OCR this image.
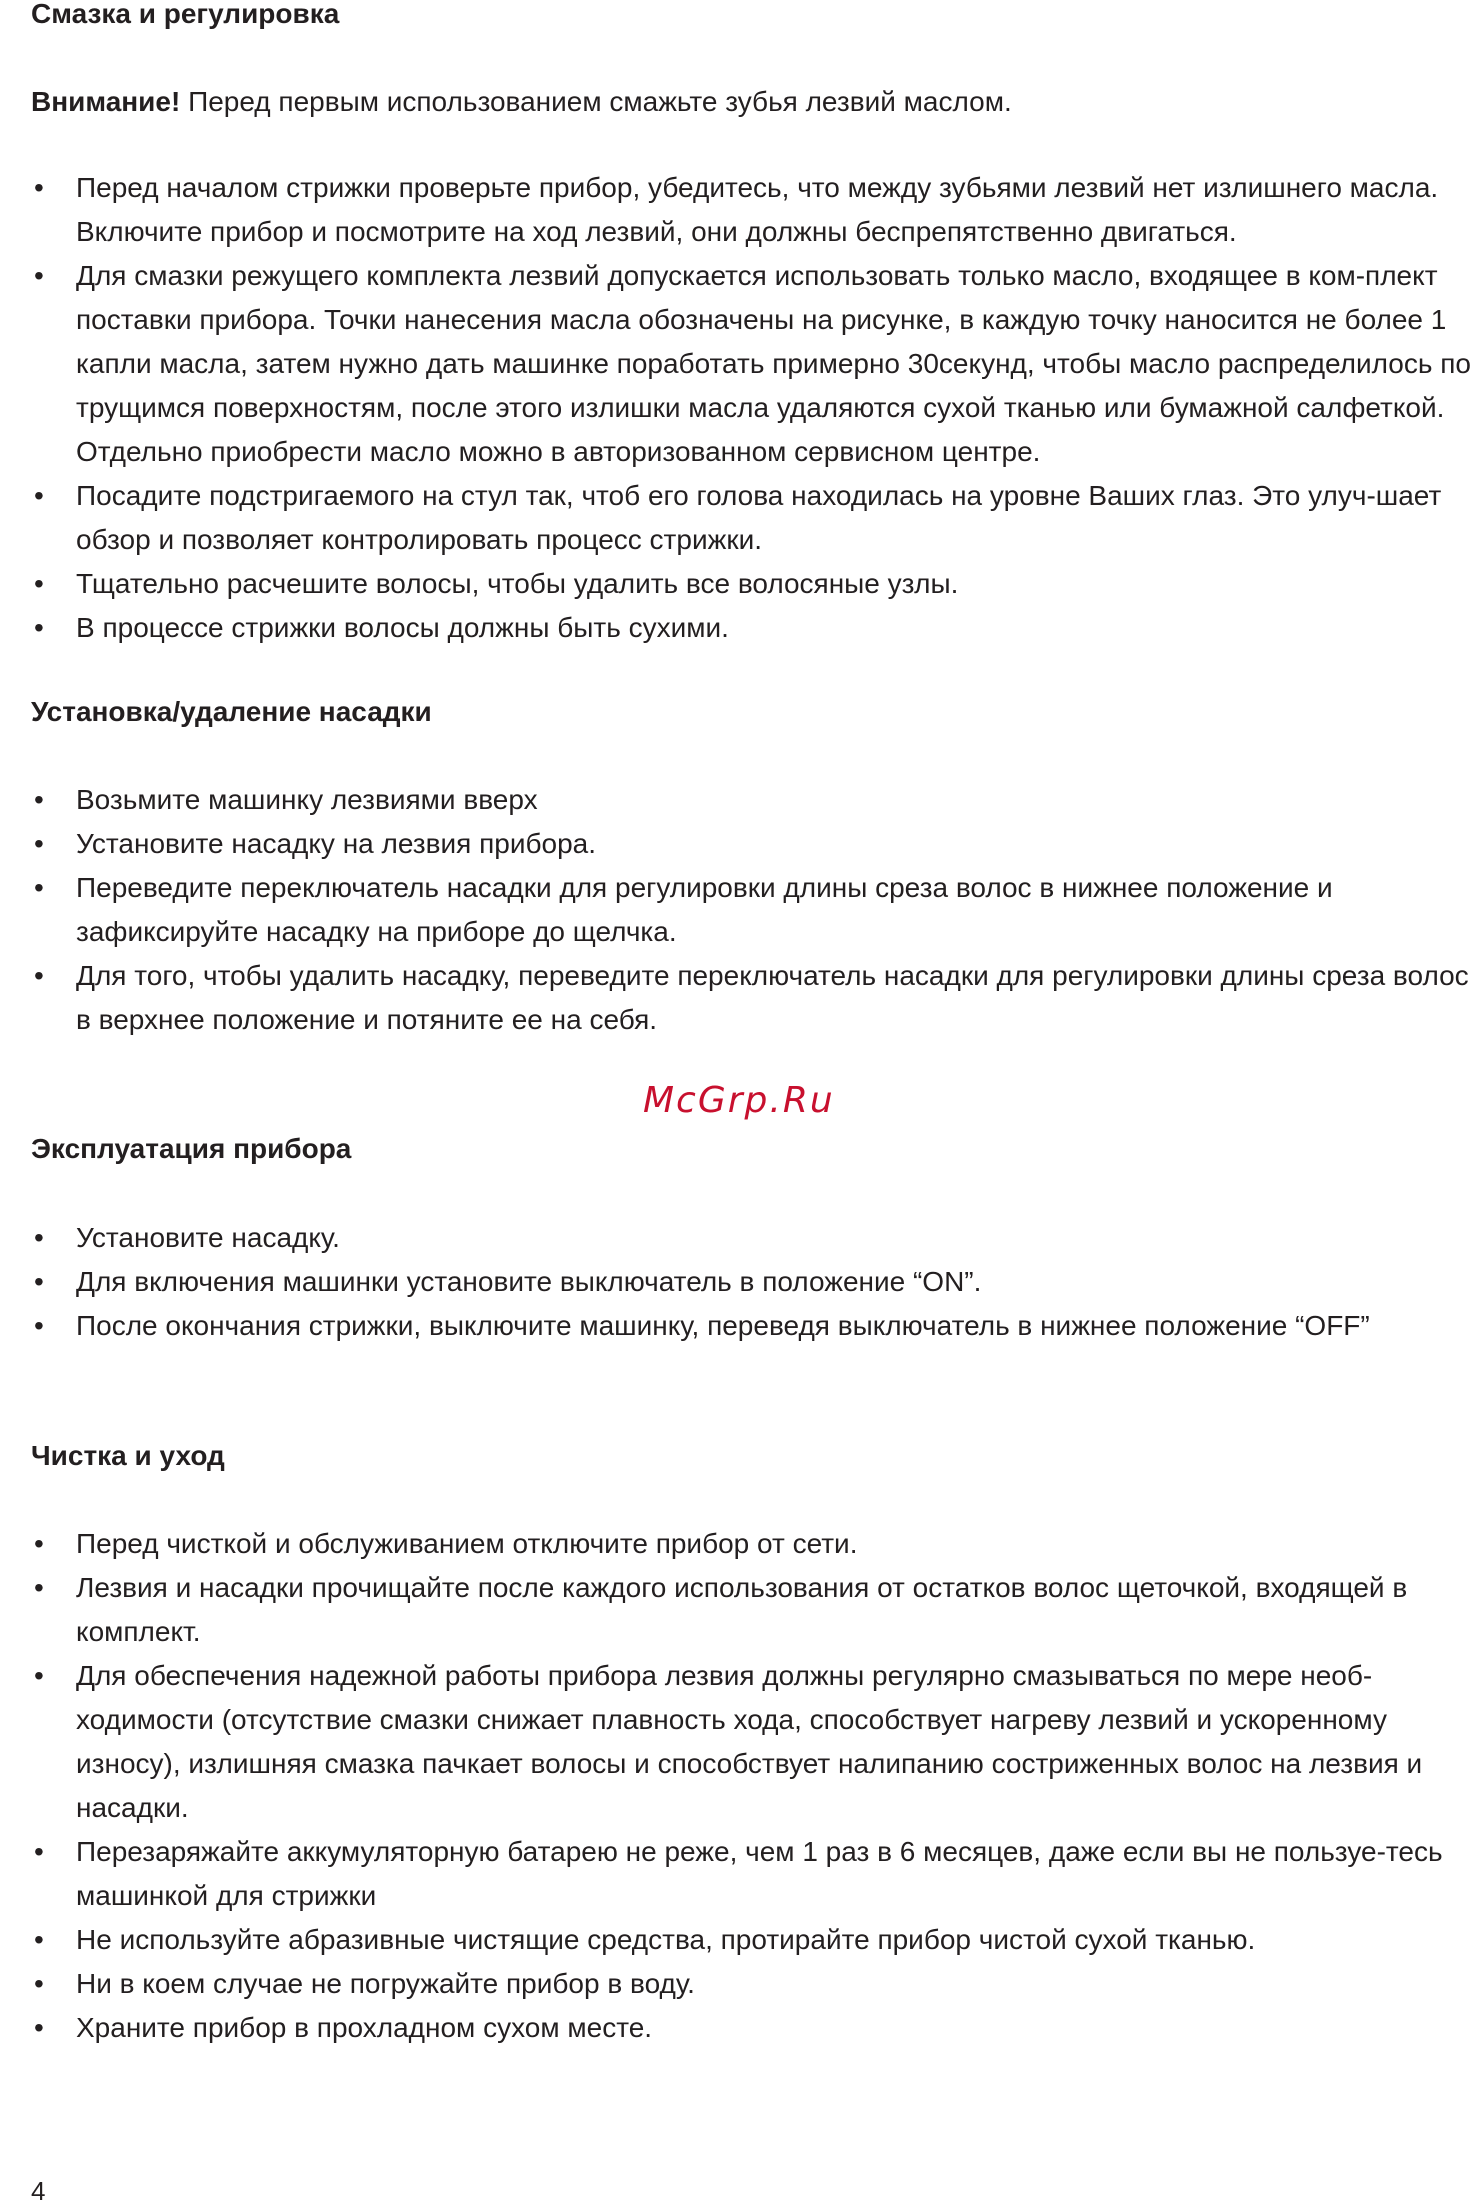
Смазка и регулировка

Внимание! Перед первым использованием смажьте зубья лезвий маслом.

• Перед началом стрижки проверьте прибор, убедитесь, что между зубьями лезвий нет излишнего масла. Включите прибор и посмотрите на ход лезвий, они должны беспрепятственно двигаться.
• Для смазки режущего комплекта лезвий допускается использовать только масло, входящее в ком-плект поставки прибора. Точки нанесения масла обозначены на рисунке, в каждую точку наносится не более 1 капли масла, затем нужно дать машинке поработать примерно 30секунд, чтобы масло распределилось по трущимся поверхностям, после этого излишки масла удаляются сухой тканью или бумажной салфеткой. Отдельно приобрести масло можно в авторизованном сервисном центре.
• Посадите подстригаемого на стул так, чтоб его голова находилась на уровне Ваших глаз. Это улуч-шает обзор и позволяет контролировать процесс стрижки.
• Тщательно расчешите волосы, чтобы удалить все волосяные узлы.
• В процессе стрижки волосы должны быть сухими.
Установка/удаление насадки
• Возьмите машинку лезвиями вверх
• Установите насадку на лезвия прибора.
• Переведите переключатель насадки для регулировки длины среза волос в нижнее положение и зафиксируйте насадку на приборе до щелчка.
• Для того, чтобы удалить насадку, переведите переключатель насадки для регулировки длины среза волос в верхнее положение и потяните ее на себя.
McGrp.Ru
Эксплуатация прибора
• Установите насадку.
• Для включения машинки установите выключатель в положение “ON”.
• После окончания стрижки, выключите машинку, переведя выключатель в нижнее положение “OFF”
Чистка и уход
• Перед чисткой и обслуживанием отключите прибор от сети.
• Лезвия и насадки прочищайте после каждого использования от остатков волос щеточкой, входящей в комплект.
• Для обеспечения надежной работы прибора лезвия должны регулярно смазываться по мере необ-ходимости (отсутствие смазки снижает плавность хода, способствует нагреву лезвий и ускоренному износу), излишняя смазка пачкает волосы и способствует налипанию состриженных волос на лезвия и насадки.
• Перезаряжайте аккумуляторную батарею не реже, чем 1 раз в 6 месяцев, даже если вы не пользуе-тесь машинкой для стрижки
• Не используйте абразивные чистящие средства, протирайте прибор чистой сухой тканью.
• Ни в коем случае не погружайте прибор в воду.
• Храните прибор в прохладном сухом месте.
4
